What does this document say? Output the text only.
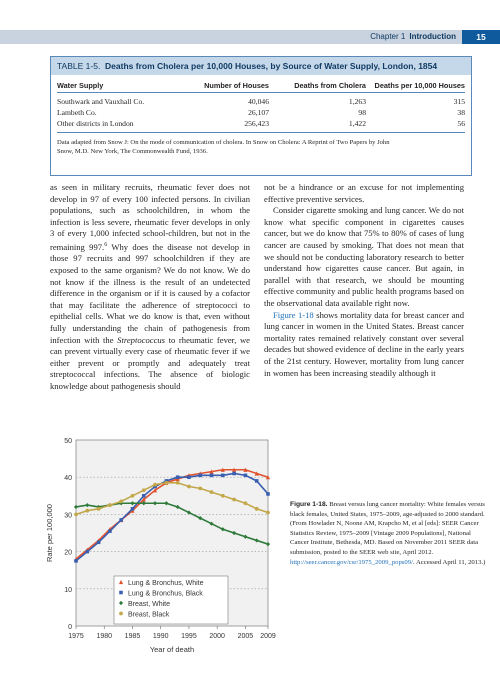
Chapter 1 Introduction	15
TABLE 1-5. Deaths from Cholera per 10,000 Houses, by Source of Water Supply, London, 1854
Water Supply	Number of Houses	Deaths from Cholera	Deaths per 10,000 Houses
Southwark and Vauxhall Co.	40,046	1,263	315
Lambeth Co.	26,107	98	38
Other districts in London	256,423	1,422	56
Data adapted from Snow J: On the mode of communication of cholera. In Snow on Cholera: A Reprint of Two Papers by John
Snow, M.D. New York, The Commonwealth Fund, 1936.

as seen in military recruits, rheumatic fever does not develop in 97 of every 100 infected persons. In civilian populations, such as schoolchildren, in whom the infection is less severe, rheumatic fever develops in only 3 of every 1,000 infected school-children, but not in the remaining 997.$^6$ Why does the disease not develop in those 97 recruits and 997 schoolchildren if they are exposed to the same organism? We do not know. We do not know if the illness is the result of an undetected difference in the organism or if it is caused by a cofactor that may facilitate the adherence of streptococci to epithelial cells. What we do know is that, even without fully understanding the chain of pathogenesis from infection with the Streptococcus to rheumatic fever, we can prevent virtually every case of rheumatic fever if we either prevent or promptly and adequately treat streptococcal infections. The absence of biologic knowledge about pathogenesis should

not be a hindrance or an excuse for not implementing effective preventive services.

Consider cigarette smoking and lung cancer. We do not know what specific component in cigarettes causes cancer, but we do know that 75% to 80% of cases of lung cancer are caused by smoking. That does not mean that we should not be conducting laboratory research to better understand how cigarettes cause cancer. But again, in parallel with that research, we should be mounting effective community and public health programs based on the observational data available right now.

Figure 1-18 shows mortality data for breast cancer and lung cancer in women in the United States. Breast cancer mortality rates remained relatively constant over several decades but showed evidence of decline in the early years of the 21st century. However, mortality from lung cancer in women has been increasing steadily although it

0
10
20
30
40
50
1975 1980 1985 1990 1995 2000 2005 2009
Year of death
Rate per 100,000
Lung & Bronchus, White
Lung & Bronchus, Black
Breast, White
Breast, Black
Figure 1-18. Breast versus lung cancer mortality: White females versus black females, United States, 1975–2009, age-adjusted to 2000 standard. (From Howlader N, Noone AM, Krapcho M, et al [eds]: SEER Cancer Statistics Review, 1975–2009 [Vintage 2009 Populations], National Cancer Institute, Bethesda, MD. Based on November 2011 SEER data submission, posted to the SEER web site, April 2012. http://seer.cancer.gov/csr/1975_2009_pops09/. Accessed April 11, 2013.)
